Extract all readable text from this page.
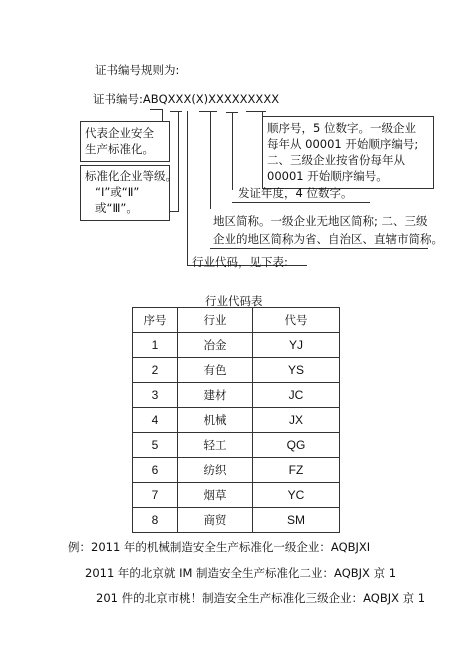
证书编号规则为:
证书编号:ABQXXX(X)XXXXXXXXX
代表企业安全
生产标准化。
标准化企业等级。
“Ⅰ”或“Ⅱ”
或“Ⅲ”。
顺序号，5 位数字。一级企业
每年从 00001 开始顺序编号;
二、三级企业按省份每年从
00001 开始顺序编号。
发证年度，4 位数字。
地区简称。一级企业无地区简称; 二、三级
企业的地区简称为省、自治区、直辖市简称。
行业代码，见下表:
行业代码表
序号	行业	代号
1	冶金	YJ
2	有色	YS
3	建材	JC
4	机械	JX
5	轻工	QG
6	纺织	FZ
7	烟草	YC
8	商贸	SM
例：2011 年的机械制造安全生产标准化一级企业：AQBJXI
2011 年的北京就 IM 制造安全生产标准化二业：AQBJX 京 1
201 件的北京市桃！制造安全生产标准化三级企业：AQBJX 京 1
